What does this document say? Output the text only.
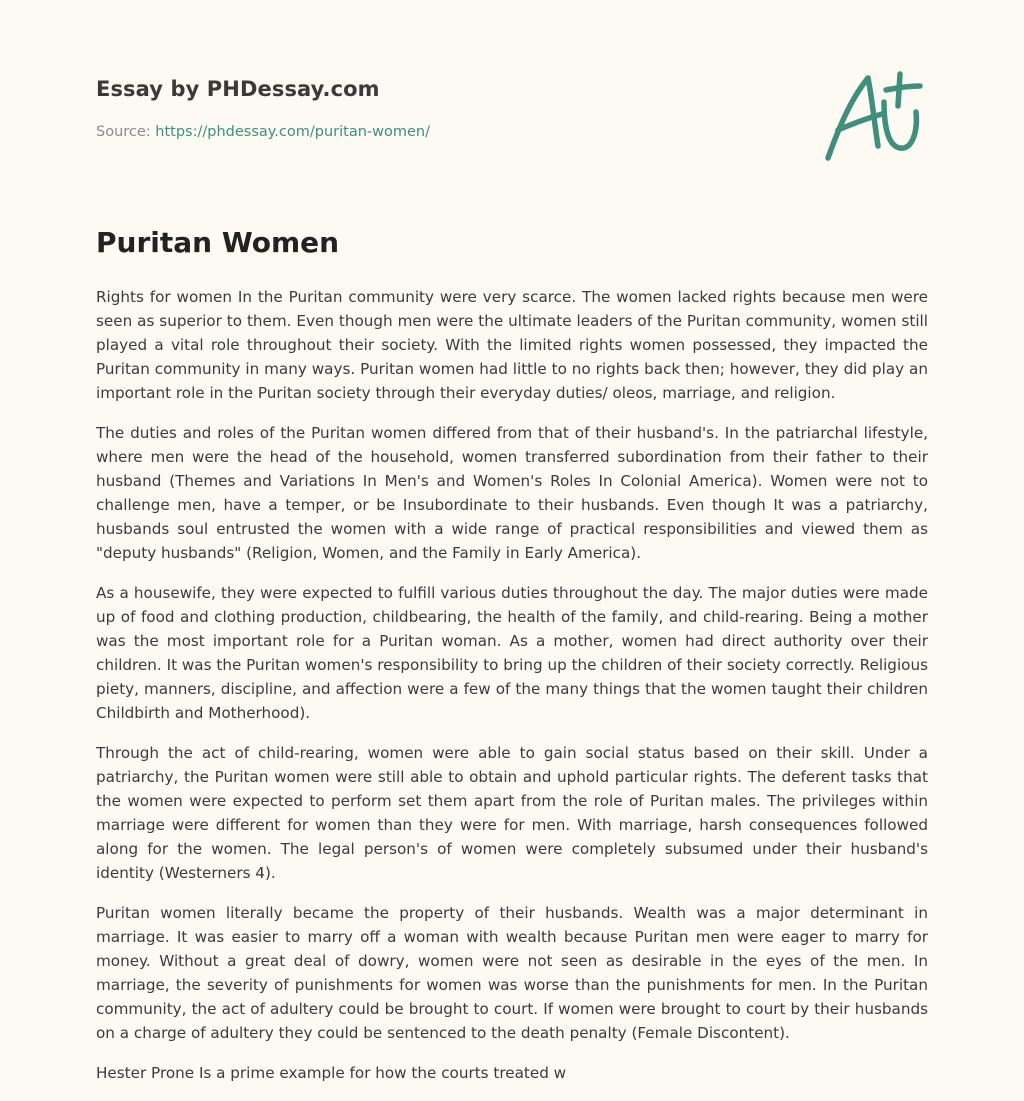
Essay by PHDessay.com
Source: https://phdessay.com/puritan-women/
Puritan Women

Rights for women In the Puritan community were very scarce. The women lacked rights because men were seen as superior to them. Even though men were the ultimate leaders of the Puritan community, women still played a vital role throughout their society. With the limited rights women possessed, they impacted the Puritan community in many ways. Puritan women had little to no rights back then; however, they did play an important role in the Puritan society through their everyday duties/ oleos, marriage, and religion.

The duties and roles of the Puritan women differed from that of their husband's. In the patriarchal lifestyle, where men were the head of the household, women transferred subordination from their father to their husband (Themes and Variations In Men's and Women's Roles In Colonial America). Women were not to challenge men, have a temper, or be Insubordinate to their husbands. Even though It was a patriarchy, husbands soul entrusted the women with a wide range of practical responsibilities and viewed them as "deputy husbands" (Religion, Women, and the Family in Early America).

As a housewife, they were expected to fulfill various duties throughout the day. The major duties were made up of food and clothing production, childbearing, the health of the family, and child-rearing. Being a mother was the most important role for a Puritan woman. As a mother, women had direct authority over their children. It was the Puritan women's responsibility to bring up the children of their society correctly. Religious piety, manners, discipline, and affection were a few of the many things that the women taught their children Childbirth and Motherhood).

Through the act of child-rearing, women were able to gain social status based on their skill. Under a patriarchy, the Puritan women were still able to obtain and uphold particular rights. The deferent tasks that the women were expected to perform set them apart from the role of Puritan males. The privileges within marriage were different for women than they were for men. With marriage, harsh consequences followed along for the women. The legal person's of women were completely subsumed under their husband's identity (Westerners 4).

Puritan women literally became the property of their husbands. Wealth was a major determinant in marriage. It was easier to marry off a woman with wealth because Puritan men were eager to marry for money. Without a great deal of dowry, women were not seen as desirable in the eyes of the men. In marriage, the severity of punishments for women was worse than the punishments for men. In the Puritan community, the act of adultery could be brought to court. If women were brought to court by their husbands on a charge of adultery they could be sentenced to the death penalty (Female Discontent).

Hester Prone Is a prime example for how the courts treated w
